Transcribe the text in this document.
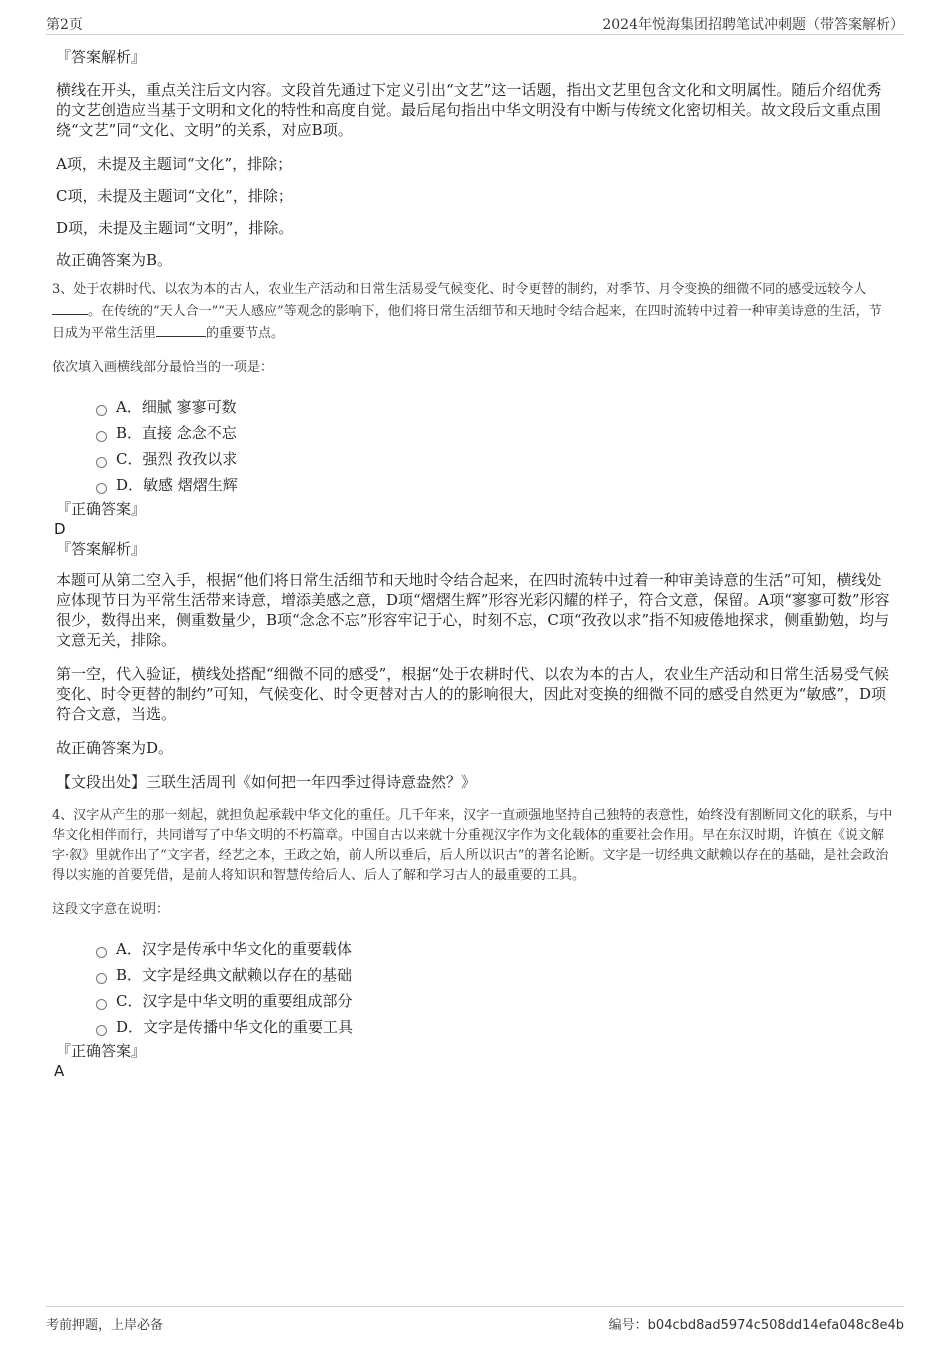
第2页	2024年悦海集团招聘笔试冲刺题（带答案解析）
『答案解析』

横线在开头，重点关注后文内容。文段首先通过下定义引出“文艺”这一话题，指出文艺里包含文化和文明属性。随后介绍优秀的文艺创造应当基于文明和文化的特性和高度自觉。最后尾句指出中华文明没有中断与传统文化密切相关。故文段后文重点围绕“文艺”同“文化、文明”的关系，对应B项。

A项，未提及主题词“文化”，排除；

C项，未提及主题词“文化”，排除；

D项，未提及主题词“文明”，排除。

故正确答案为B。

3、处于农耕时代、以农为本的古人，农业生产活动和日常生活易受气候变化、时令更替的制约，对季节、月令变换的细微不同的感受远较今人。在传统的“天人合一”“天人感应”等观念的影响下，他们将日常生活细节和天地时令结合起来，在四时流转中过着一种审美诗意的生活，节日成为平常生活里	的重要节点。

依次填入画横线部分最恰当的一项是：

A．细腻 寥寥可数
B．直接 念念不忘
C．强烈 孜孜以求
D．敏感 熠熠生辉
『正确答案』
D
『答案解析』

本题可从第二空入手，根据“他们将日常生活细节和天地时令结合起来，在四时流转中过着一种审美诗意的生活”可知，横线处应体现节日为平常生活带来诗意，增添美感之意，D项“熠熠生辉”形容光彩闪耀的样子，符合文意，保留。A项“寥寥可数”形容很少，数得出来，侧重数量少，B项“念念不忘”形容牢记于心，时刻不忘，C项“孜孜以求”指不知疲倦地探求，侧重勤勉，均与文意无关，排除。

第一空，代入验证，横线处搭配“细微不同的感受”，根据“处于农耕时代、以农为本的古人，农业生产活动和日常生活易受气候变化、时令更替的制约”可知，气候变化、时令更替对古人的的影响很大，因此对变换的细微不同的感受自然更为“敏感”，D项符合文意，当选。

故正确答案为D。

【文段出处】三联生活周刊《如何把一年四季过得诗意盎然？》

4、汉字从产生的那一刻起，就担负起承载中华文化的重任。几千年来，汉字一直顽强地坚持自己独特的表意性，始终没有割断同文化的联系，与中华文化相伴而行，共同谱写了中华文明的不朽篇章。中国自古以来就十分重视汉字作为文化载体的重要社会作用。早在东汉时期，许慎在《说文解字·叙》里就作出了“文字者，经艺之本，王政之始，前人所以垂后，后人所以识古”的著名论断。文字是一切经典文献赖以存在的基础，是社会政治得以实施的首要凭借，是前人将知识和智慧传给后人、后人了解和学习古人的最重要的工具。

这段文字意在说明：

A．汉字是传承中华文化的重要载体
B．文字是经典文献赖以存在的基础
C．汉字是中华文明的重要组成部分
D．文字是传播中华文化的重要工具
『正确答案』
A
考前押题，上岸必备	编号：b04cbd8ad5974c508dd14efa048c8e4b
